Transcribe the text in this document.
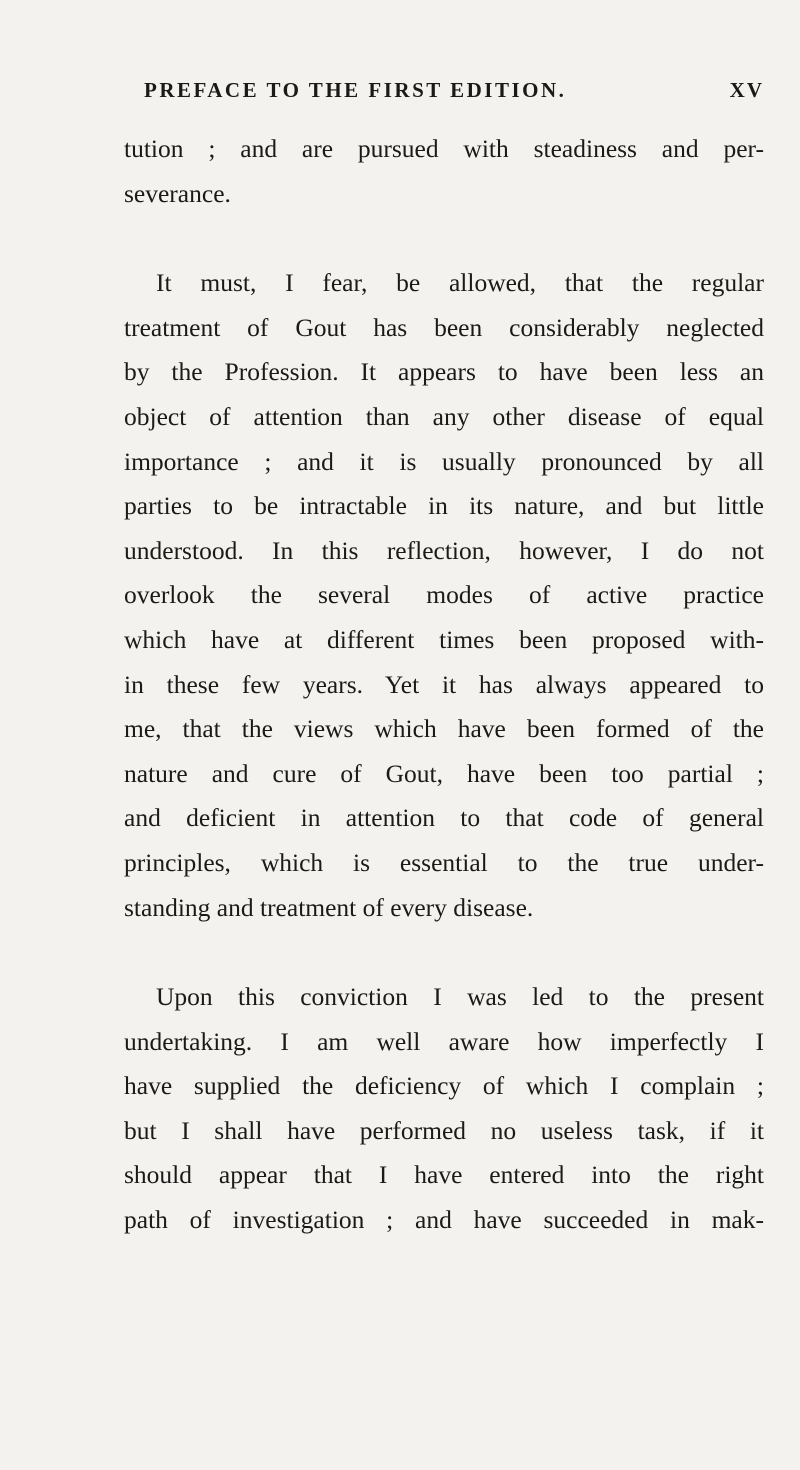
PREFACE TO THE FIRST EDITION.	XV
tution ; and are pursued with steadiness and per-
severance.
It must, I fear, be allowed, that the regular
treatment of Gout has been considerably neglected
by the Profession. It appears to have been less an
object of attention than any other disease of equal
importance ; and it is usually pronounced by all
parties to be intractable in its nature, and but little
understood. In this reflection, however, I do not
overlook the several modes of active practice
which have at different times been proposed with-
in these few years. Yet it has always appeared to
me, that the views which have been formed of the
nature and cure of Gout, have been too partial ;
and deficient in attention to that code of general
principles, which is essential to the true under-
standing and treatment of every disease.
Upon this conviction I was led to the present
undertaking. I am well aware how imperfectly I
have supplied the deficiency of which I complain ;
but I shall have performed no useless task, if it
should appear that I have entered into the right
path of investigation ; and have succeeded in mak-
